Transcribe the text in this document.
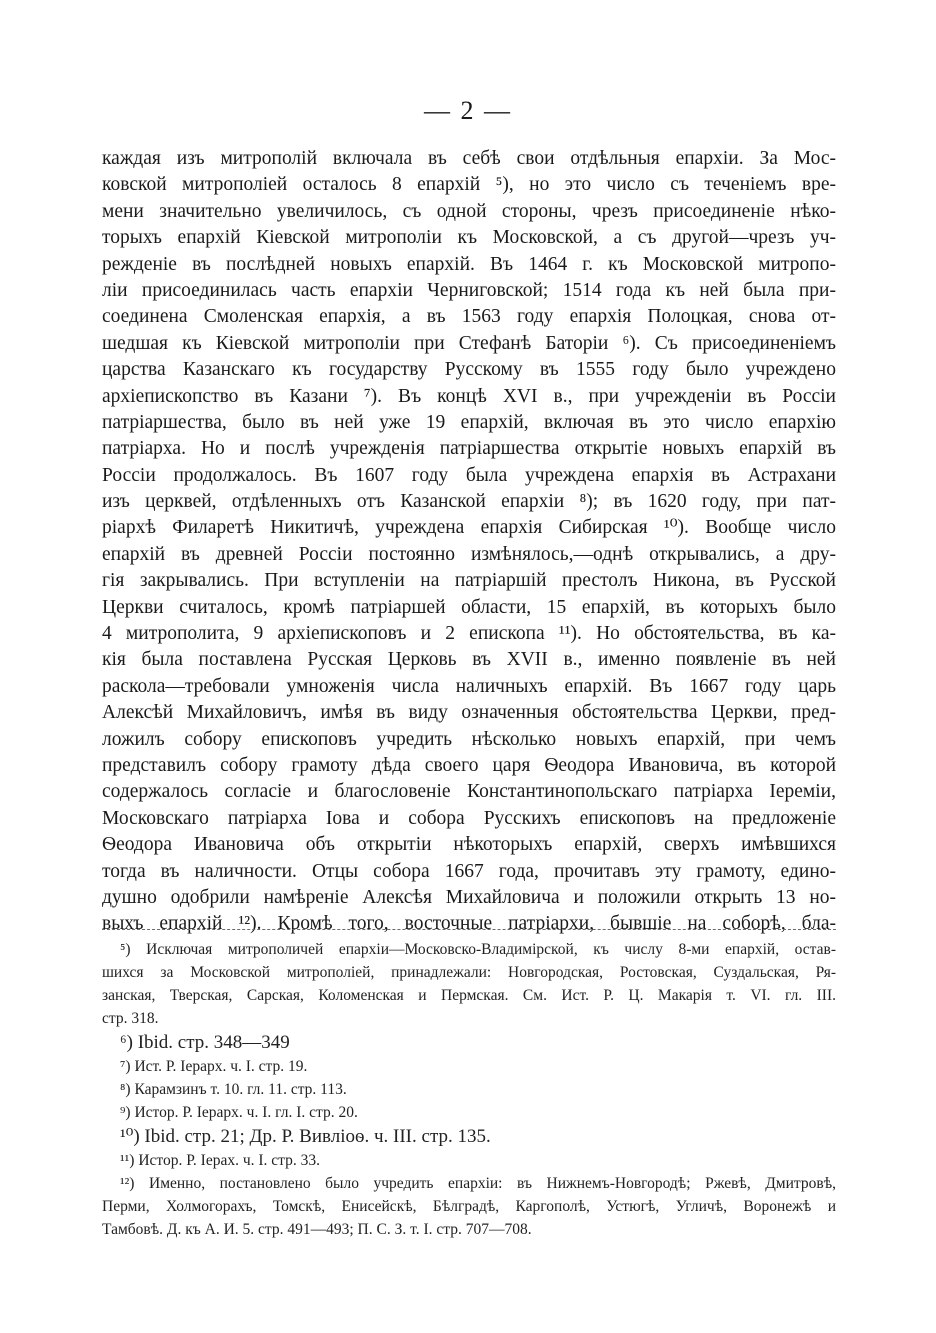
— 2 —
каждая изъ митрополій включала въ себѣ свои отдѣльныя епархіи. За Мос-
ковской митрополіей осталось 8 епархій ⁵), но это число съ теченіемъ вре-
мени значительно увеличилось, съ одной стороны, чрезъ присоединеніе нѣко-
торыхъ епархій Кіевской митрополіи къ Московской, а съ другой—чрезъ уч-
режденіе въ послѣдней новыхъ епархій. Въ 1464 г. къ Московской митропо-
ліи присоединилась часть епархіи Черниговской; 1514 года къ ней была при-
соединена Смоленская епархія, а въ 1563 году епархія Полоцкая, снова от-
шедшая къ Кіевской митрополіи при Стефанѣ Баторіи ⁶). Съ присоединеніемъ
царства Казанскаго къ государству Русскому въ 1555 году было учреждено
архіепископство въ Казани ⁷). Въ концѣ XVI в., при учрежденіи въ Россіи
патріаршества, было въ ней уже 19 епархій, включая въ это число епархію
патріарха. Но и послѣ учрежденія патріаршества открытіе новыхъ епархій въ
Россіи продолжалось. Въ 1607 году была учреждена епархія въ Астрахани
изъ церквей, отдѣленныхъ отъ Казанской епархіи ⁸); въ 1620 году, при пат-
ріархѣ Филаретѣ Никитичѣ, учреждена епархія Сибирская ¹⁰). Вообще число
епархій въ древней Россіи постоянно измѣнялось,—однѣ открывались, а дру-
гія закрывались. При вступленіи на патріаршій престолъ Никона, въ Русской
Церкви считалось, кромѣ патріаршей области, 15 епархій, въ которыхъ было
4 митрополита, 9 архіепископовъ и 2 епископа ¹¹). Но обстоятельства, въ ка-
кія была поставлена Русская Церковь въ XVII в., именно появленіе въ ней
раскола—требовали умноженія числа наличныхъ епархій. Въ 1667 году царь
Алексѣй Михайловичъ, имѣя въ виду означенныя обстоятельства Церкви, пред-
ложилъ собору епископовъ учредить нѣсколько новыхъ епархій, при чемъ
представилъ собору грамоту дѣда своего царя Ѳеодора Ивановича, въ которой
содержалось согласіе и благословеніе Константинопольскаго патріарха Іереміи,
Московскаго патріарха Іова и собора Русскихъ епископовъ на предложеніе
Ѳеодора Ивановича объ открытіи нѣкоторыхъ епархій, сверхъ имѣвшихся
тогда въ наличности. Отцы собора 1667 года, прочитавъ эту грамоту, едино-
душно одобрили намѣреніе Алексѣя Михайловича и положили открыть 13 но-
выхъ епархій ¹²). Кромѣ того, восточные патріархи, бывшіе на соборѣ, бла-
⁵) Исключая митрополичей епархіи—Московско-Владимірской, къ числу 8-ми епархій, остав-
шихся за Московской митрополіей, принадлежали: Новгородская, Ростовская, Суздальская, Ря-
занская, Тверская, Сарская, Коломенская и Пермская. См. Ист. Р. Ц. Макарія т. VI. гл. III.
стр. 318.
⁶) Ibid. стр. 348—349
⁷) Ист. Р. Іерарх. ч. I. стр. 19.
⁸) Карамзинъ т. 10. гл. 11. стр. 113.
⁹) Истор. Р. Іерарх. ч. I. гл. I. стр. 20.
¹⁰) Ibid. стр. 21; Др. Р. Вивліоѳ. ч. III. стр. 135.
¹¹) Истор. Р. Іерах. ч. I. стр. 33.
¹²) Именно, постановлено было учредить епархіи: въ Нижнемъ-Новгородѣ; Ржевѣ, Дмитровѣ,
Перми, Холмогорахъ, Томскѣ, Енисейскѣ, Бѣлградѣ, Каргополѣ, Устюгѣ, Угличѣ, Воронежѣ и
Тамбовѣ. Д. къ А. И. 5. стр. 491—493; П. С. З. т. I. стр. 707—708.
